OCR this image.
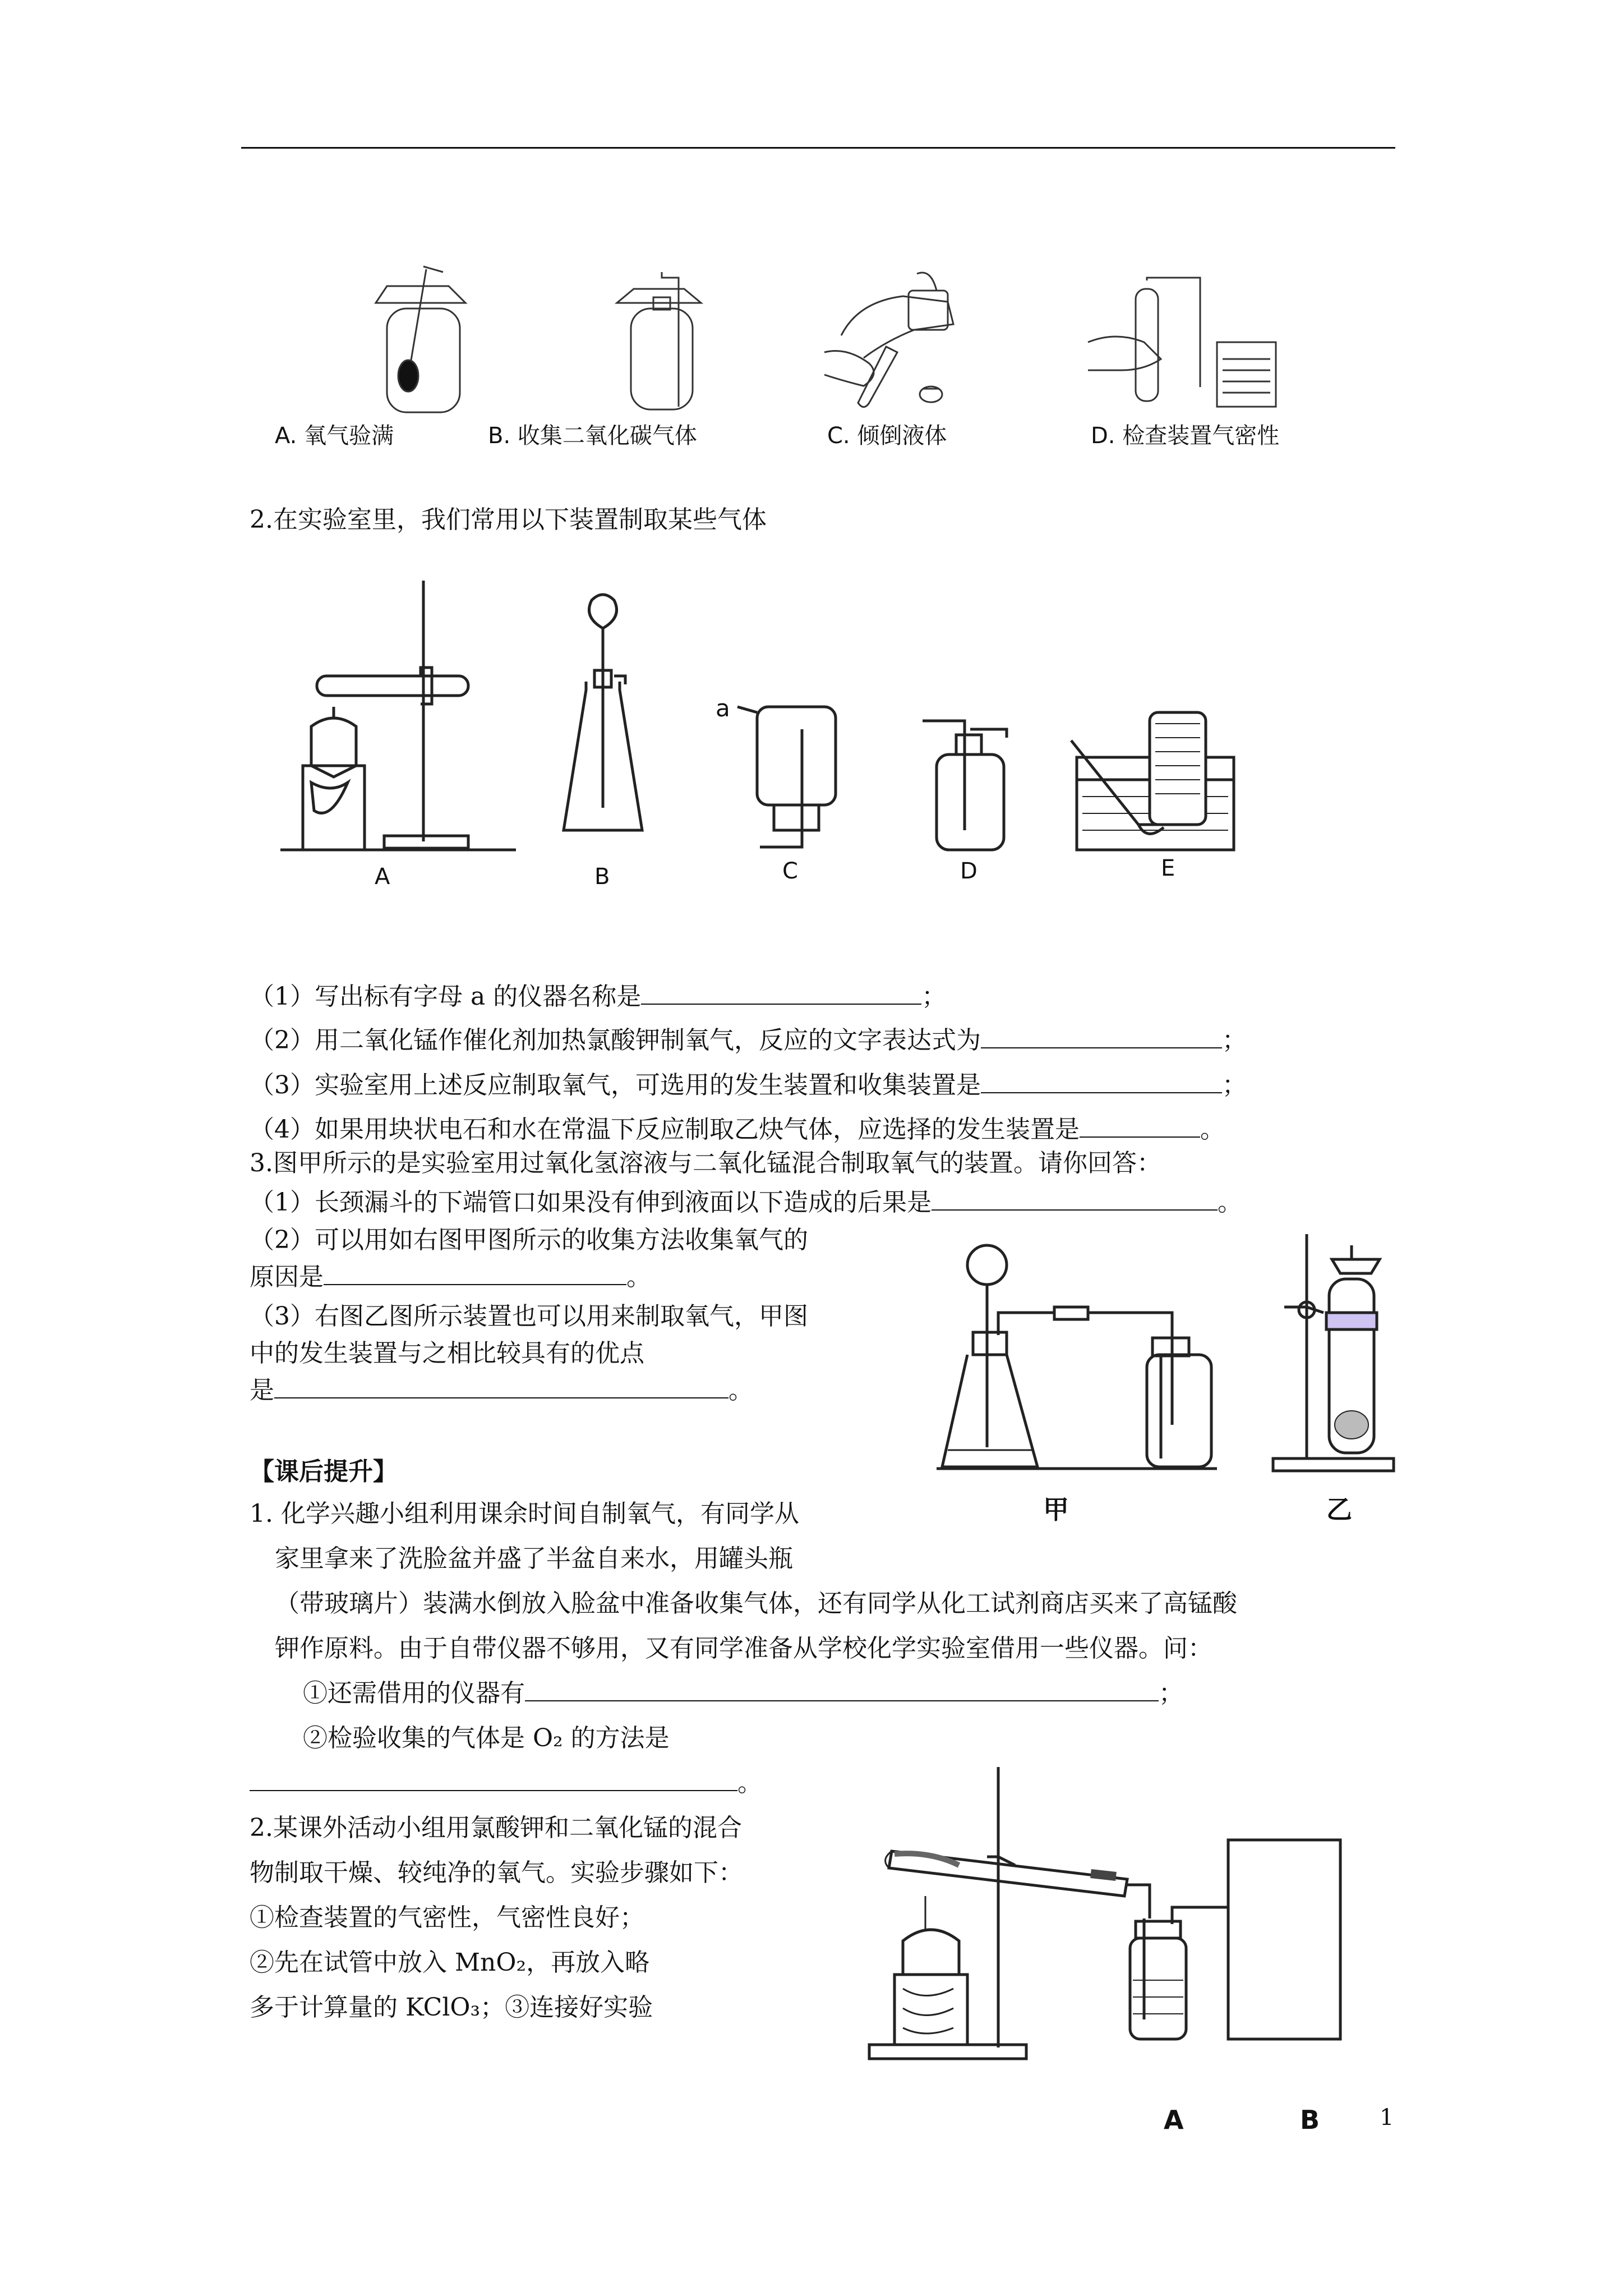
A. 氧气验满	B. 收集二氧化碳气体	C. 倾倒液体	D. 检查装置气密性
2.在实验室里，我们常用以下装置制取某些气体
A	B
a
C	D	E
（1）写出标有字母 a 的仪器名称是	；
（2）用二氧化锰作催化剂加热氯酸钾制氧气，反应的文字表达式为	；
（3）实验室用上述反应制取氧气，可选用的发生装置和收集装置是	；
（4）如果用块状电石和水在常温下反应制取乙炔气体，应选择的发生装置是	。
3.图甲所示的是实验室用过氧化氢溶液与二氧化锰混合制取氧气的装置。请你回答：
（1）长颈漏斗的下端管口如果没有伸到液面以下造成的后果是	。
（2）可以用如右图甲图所示的收集方法收集氧气的
原因是	。
（3）右图乙图所示装置也可以用来制取氧气，甲图
中的发生装置与之相比较具有的优点
是	。
甲	乙
【课后提升】
1. 化学兴趣小组利用课余时间自制氧气，有同学从
家里拿来了洗脸盆并盛了半盆自来水，用罐头瓶
（带玻璃片）装满水倒放入脸盆中准备收集气体，还有同学从化工试剂商店买来了高锰酸
钾作原料。由于自带仪器不够用，又有同学准备从学校化学实验室借用一些仪器。问：
①还需借用的仪器有	；
②检验收集的气体是 O₂ 的方法是
。
2.某课外活动小组用氯酸钾和二氧化锰的混合
物制取干燥、较纯净的氧气。实验步骤如下：
①检查装置的气密性，气密性良好；
②先在试管中放入 MnO₂，再放入略
多于计算量的 KClO₃；③连接好实验
A	B	1
